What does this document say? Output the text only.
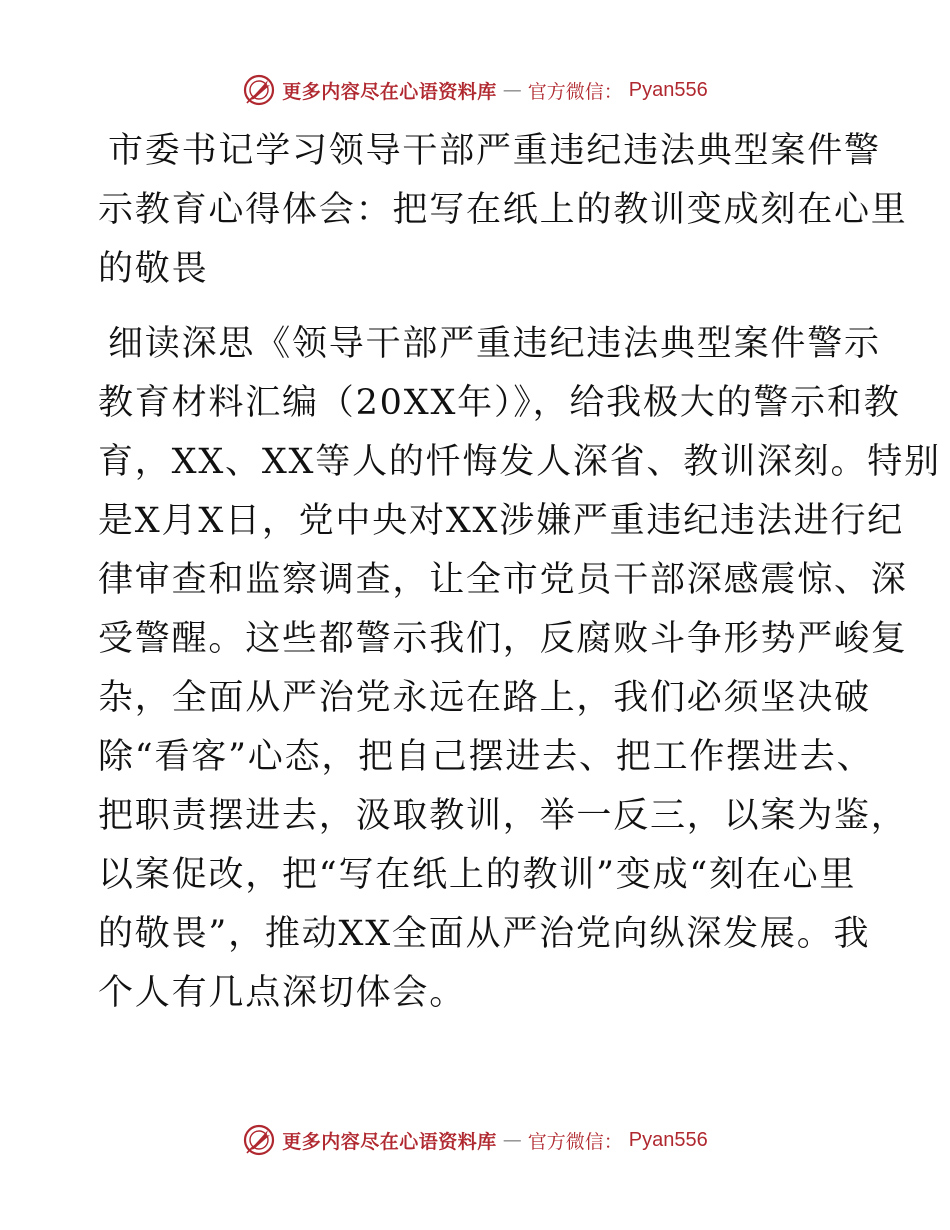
更多内容尽在心语资料库 — 官方微信： Pyan556
市委书记学习领导干部严重违纪违法典型案件警
示教育心得体会：把写在纸上的教训变成刻在心里
的敬畏
细读深思《领导干部严重违纪违法典型案件警示
教育材料汇编（20XX年）》，给我极大的警示和教
育，XX、XX等人的忏悔发人深省、教训深刻。特别
是X月X日，党中央对XX涉嫌严重违纪违法进行纪
律审查和监察调查，让全市党员干部深感震惊、深
受警醒。这些都警示我们，反腐败斗争形势严峻复
杂，全面从严治党永远在路上，我们必须坚决破
除“看客”心态，把自己摆进去、把工作摆进去、
把职责摆进去，汲取教训，举一反三，以案为鉴，
以案促改，把“写在纸上的教训”变成“刻在心里
的敬畏”，推动XX全面从严治党向纵深发展。我
个人有几点深切体会。
更多内容尽在心语资料库 — 官方微信： Pyan556
